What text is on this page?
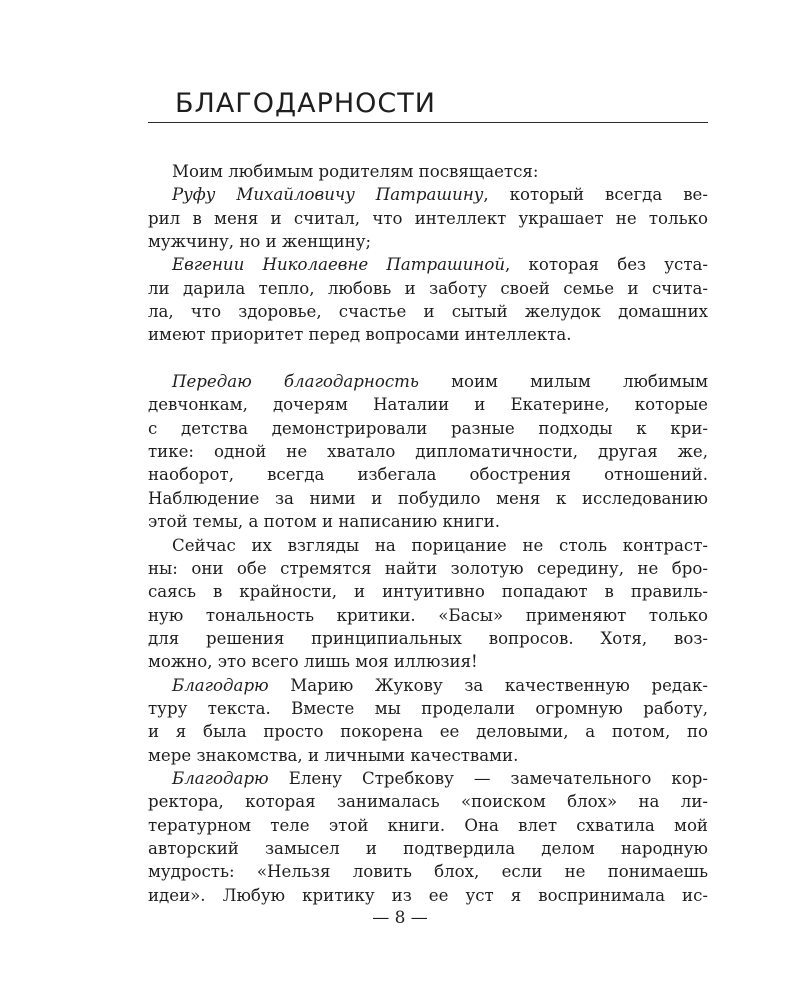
БЛАГОДАРНОСТИ
Моим любимым родителям посвящается:
Руфу Михайловичу Патрашину, который всегда ве-
рил в меня и считал, что интеллект украшает не только
мужчину, но и женщину;
Евгении Николаевне Патрашиной, которая без уста-
ли дарила тепло, любовь и заботу своей семье и счита-
ла, что здоровье, счастье и сытый желудок домашних
имеют приоритет перед вопросами интеллекта.
Передаю благодарность моим милым любимым
девчонкам, дочерям Наталии и Екатерине, которые
с детства демонстрировали разные подходы к кри-
тике: одной не хватало дипломатичности, другая же,
наоборот, всегда избегала обострения отношений.
Наблюдение за ними и побудило меня к исследованию
этой темы, а потом и написанию книги.
Сейчас их взгляды на порицание не столь контраст-
ны: они обе стремятся найти золотую середину, не бро-
саясь в крайности, и интуитивно попадают в правиль-
ную тональность критики. «Басы» применяют только
для решения принципиальных вопросов. Хотя, воз-
можно, это всего лишь моя иллюзия!
Благодарю Марию Жукову за качественную редак-
туру текста. Вместе мы проделали огромную работу,
и я была просто покорена ее деловыми, а потом, по
мере знакомства, и личными качествами.
Благодарю Елену Стребкову — замечательного кор-
ректора, которая занималась «поиском блох» на ли-
тературном теле этой книги. Она влет схватила мой
авторский замысел и подтвердила делом народную
мудрость: «Нельзя ловить блох, если не понимаешь
идеи». Любую критику из ее уст я воспринимала ис-
— 8 —
